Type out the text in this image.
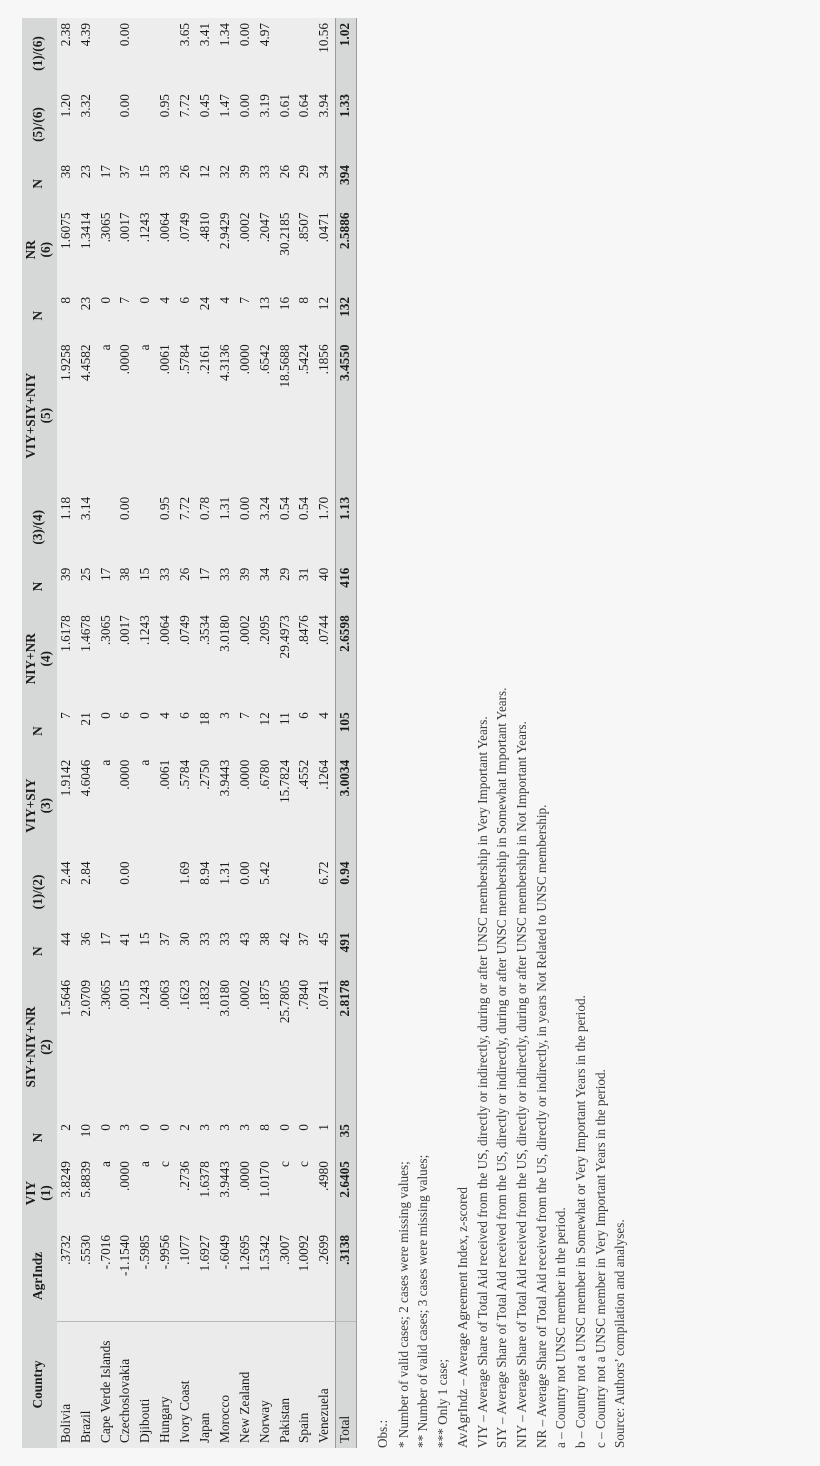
Country	AgrIndz	VIY (1)	N	SIY+NIY+NR (2)	N	(1)/(2)	VIY+SIY (3)	N	NIY+NR (4)	N	(3)/(4)	VIY+SIY+NIY (5)	N	NR (6)	N	(5)/(6)	(1)/(6)
Bolivia	.3732	3.8249	2	1.5646	44	2.44	1.9142	7	1.6178	39	1.18	1.9258	8	1.6075	38	1.20	2.38
Brazil	.5530	5.8839	10	2.0709	36	2.84	4.6046	21	1.4678	25	3.14	4.4582	23	1.3414	23	3.32	4.39
Cape Verde Islands	-.7016	a	0	.3065	17		a	0	.3065	17		a	0	.3065	17		
Czechoslovakia	-1.1540	.0000	3	.0015	41	0.00	.0000	6	.0017	38	0.00	.0000	7	.0017	37	0.00	0.00
Djibouti	-.5985	a	0	.1243	15		a	0	.1243	15		a	0	.1243	15		
Hungary	-.9956	c	0	.0063	37		.0061	4	.0064	33	0.95	.0061	4	.0064	33	0.95	
Ivory Coast	.1077	.2736	2	.1623	30	1.69	.5784	6	.0749	26	7.72	.5784	6	.0749	26	7.72	3.65
Japan	1.6927	1.6378	3	.1832	33	8.94	.2750	18	.3534	17	0.78	.2161	24	.4810	12	0.45	3.41
Morocco	-.6049	3.9443	3	3.0180	33	1.31	3.9443	3	3.0180	33	1.31	4.3136	4	2.9429	32	1.47	1.34
New Zealand	1.2695	.0000	3	.0002	43	0.00	.0000	7	.0002	39	0.00	.0000	7	.0002	39	0.00	0.00
Norway	1.5342	1.0170	8	.1875	38	5.42	.6780	12	.2095	34	3.24	.6542	13	.2047	33	3.19	4.97
Pakistan	.3007	c	0	25.7805	42		15.7824	11	29.4973	29	0.54	18.5688	16	30.2185	26	0.61	
Spain	1.0092	c	0	.7840	37		.4552	6	.8476	31	0.54	.5424	8	.8507	29	0.64	
Venezuela	.2699	.4980	1	.0741	45	6.72	.1264	4	.0744	40	1.70	.1856	12	.0471	34	3.94	10.56
Total	.3138	2.6405	35	2.8178	491	0.94	3.0034	105	2.6598	416	1.13	3.4550	132	2.5886	394	1.33	1.02
Obs.: * Number of valid cases; 2 cases were missing values; ** Number of valid cases; 3 cases were missing values; *** Only 1 case; AvAgrIndz – Average Agreement Index, z-scored VIY – Average Share of Total Aid received from the US, directly or indirectly, during or after UNSC membership in Very Important Years. SIY – Average Share of Total Aid received from the US, directly or indirectly, during or after UNSC membership in Somewhat Important Years. NIY – Average Share of Total Aid received from the US, directly or indirectly, during or after UNSC membership in Not Important Years. NR – Average Share of Total Aid received from the US, directly or indirectly, in years Not Related to UNSC membership. a – Country not UNSC member in the period. b – Country not a UNSC member in Somewhat or Very Important Years in the period. c – Country not a UNSC member in Very Important Years in the period. Source: Authors’ compilation and analyses.
